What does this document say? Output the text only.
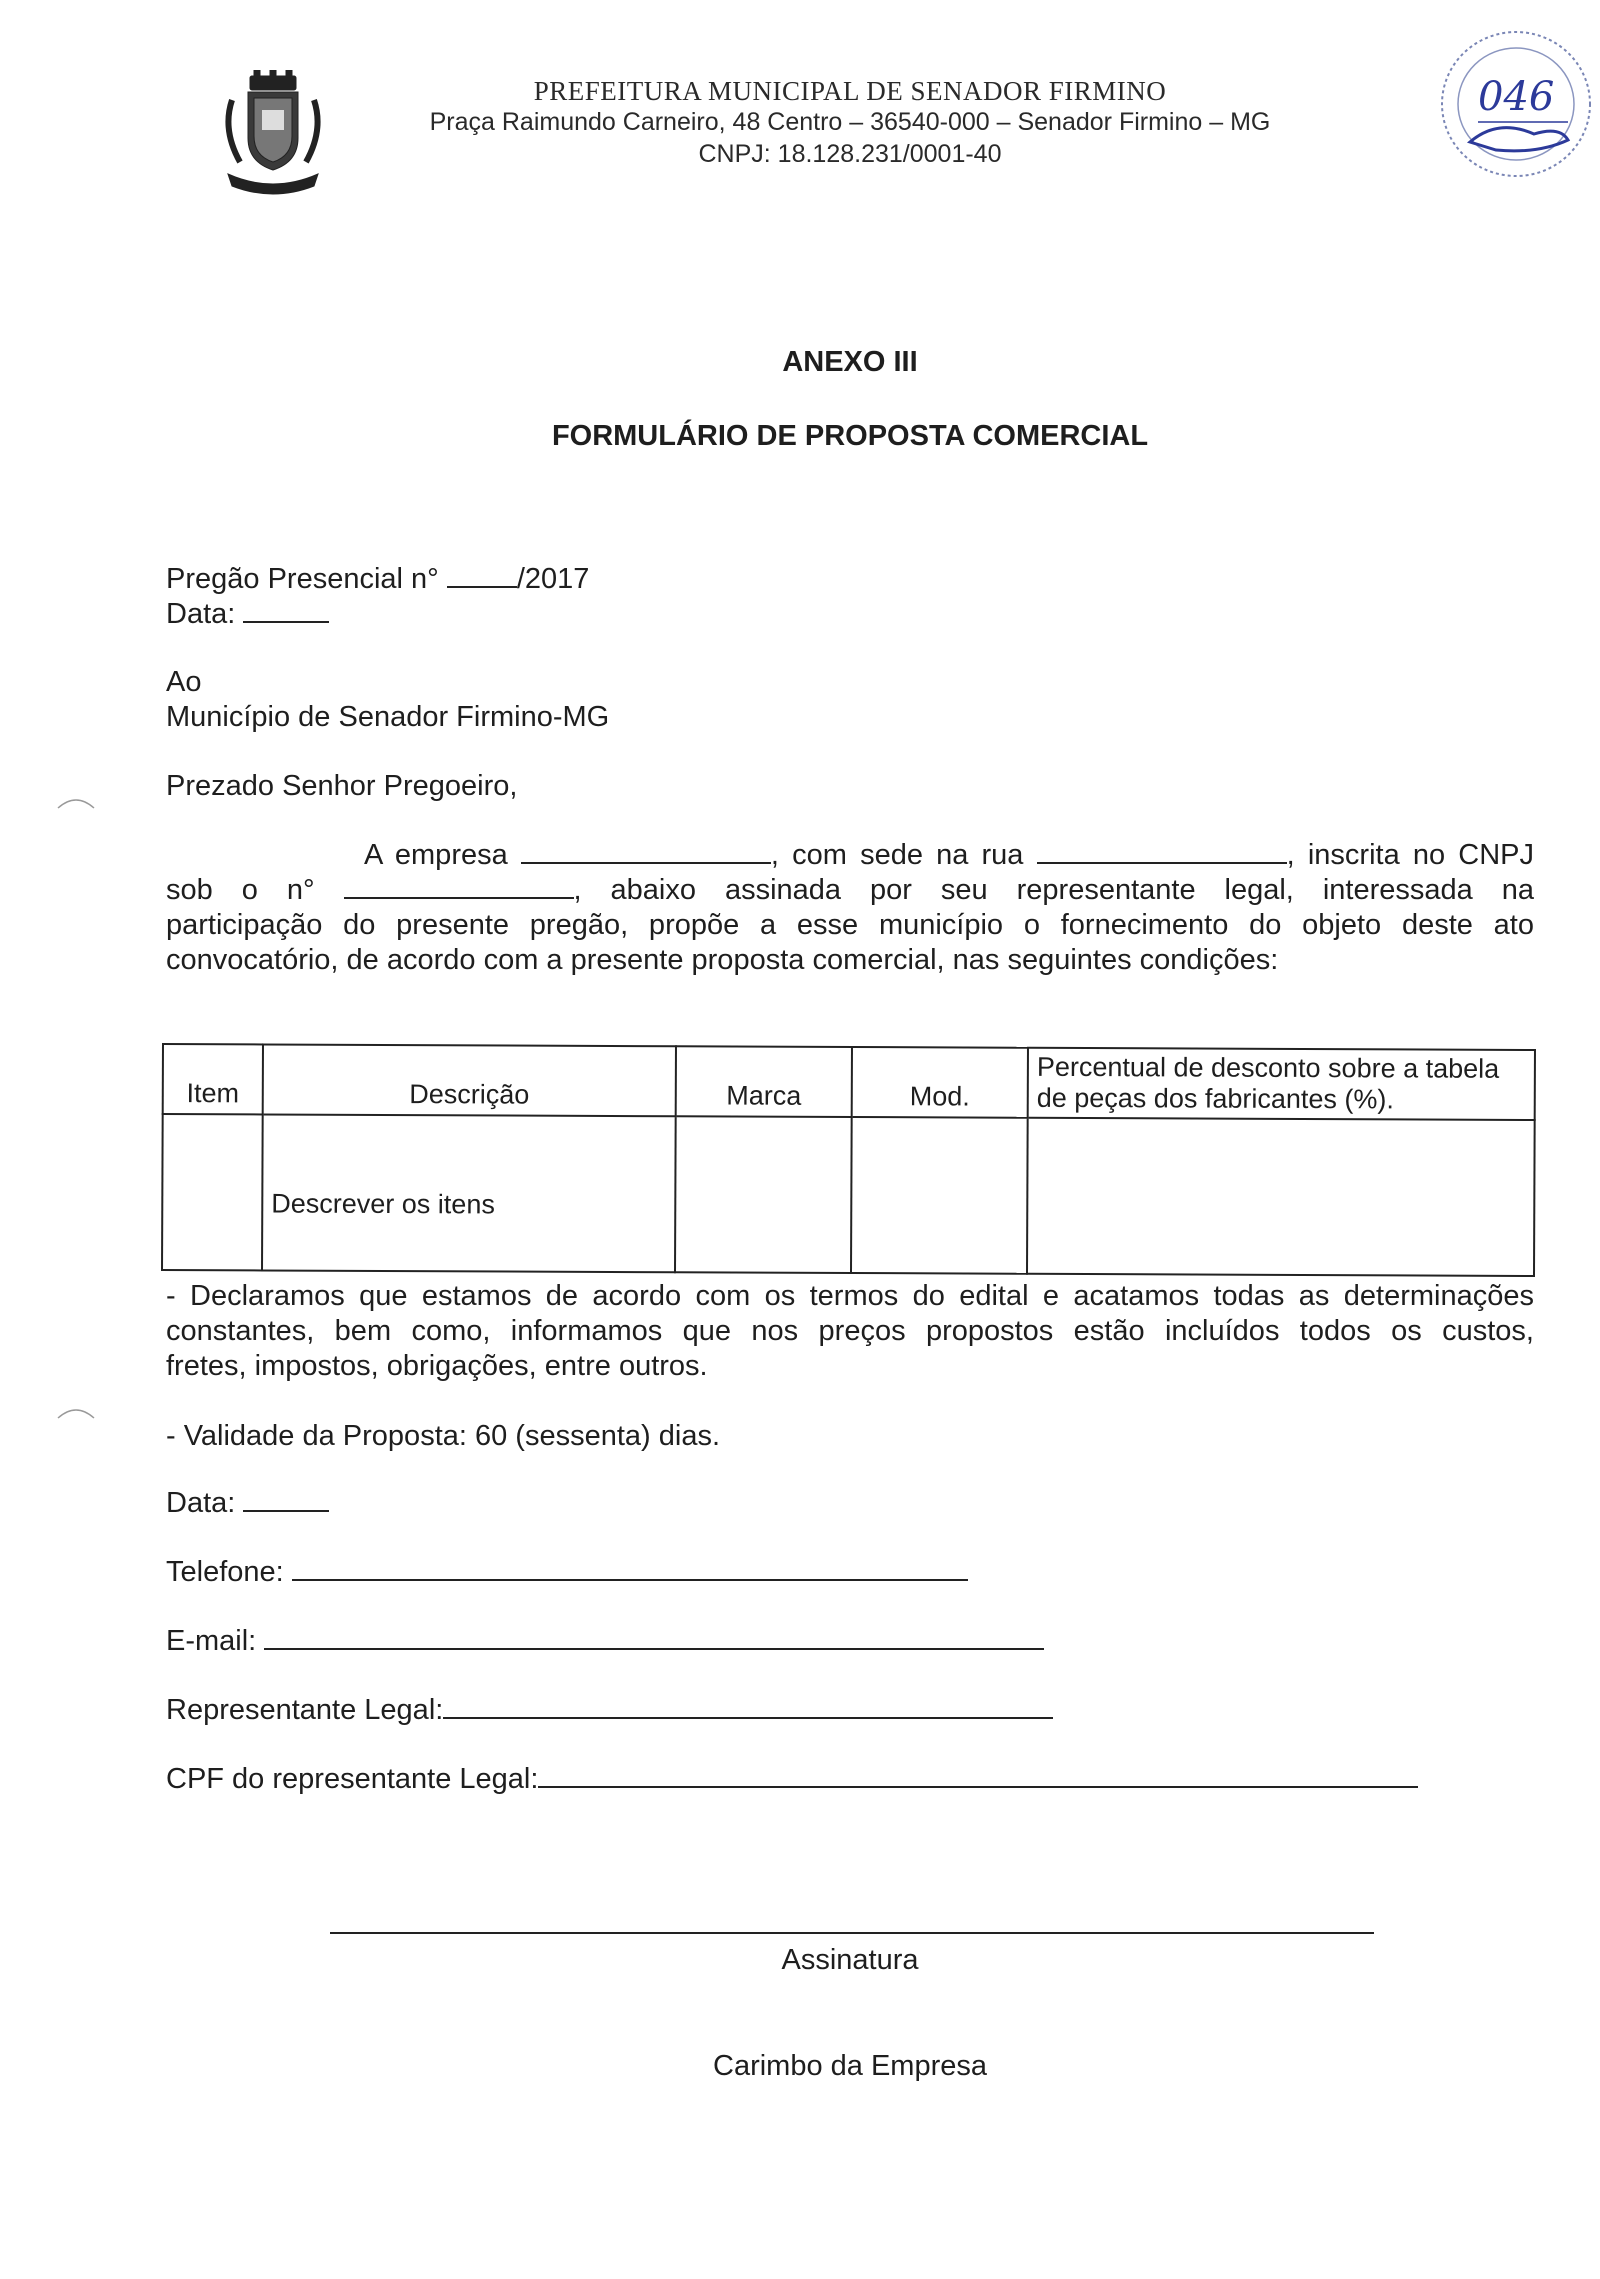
046
PREFEITURA MUNICIPAL DE SENADOR FIRMINO
Praça Raimundo Carneiro, 48 Centro – 36540-000 – Senador Firmino – MG
CNPJ: 18.128.231/0001-40
ANEXO III
FORMULÁRIO DE PROPOSTA COMERCIAL
Pregão Presencial n°	/2017
Data:
Ao
Município de Senador Firmino-MG
Prezado Senhor Pregoeiro,
A empresa	, com sede na rua	, inscrita no CNPJ
sob o n°	, abaixo assinada por seu representante legal, interessada na
participação do presente pregão, propõe a esse município o fornecimento do objeto deste ato
convocatório, de acordo com a presente proposta comercial, nas seguintes condições:
Item	Descrição	Marca	Mod.	Percentual de desconto sobre a tabela
de peças dos fabricantes (%).
	Descrever os itens			
- Declaramos que estamos de acordo com os termos do edital e acatamos todas as determinações
constantes, bem como, informamos que nos preços propostos estão incluídos todos os custos,
fretes, impostos, obrigações, entre outros.
- Validade da Proposta: 60 (sessenta) dias.
Data:
Telefone:
E-mail:
Representante Legal:
CPF do representante Legal:
Assinatura
Carimbo da Empresa
